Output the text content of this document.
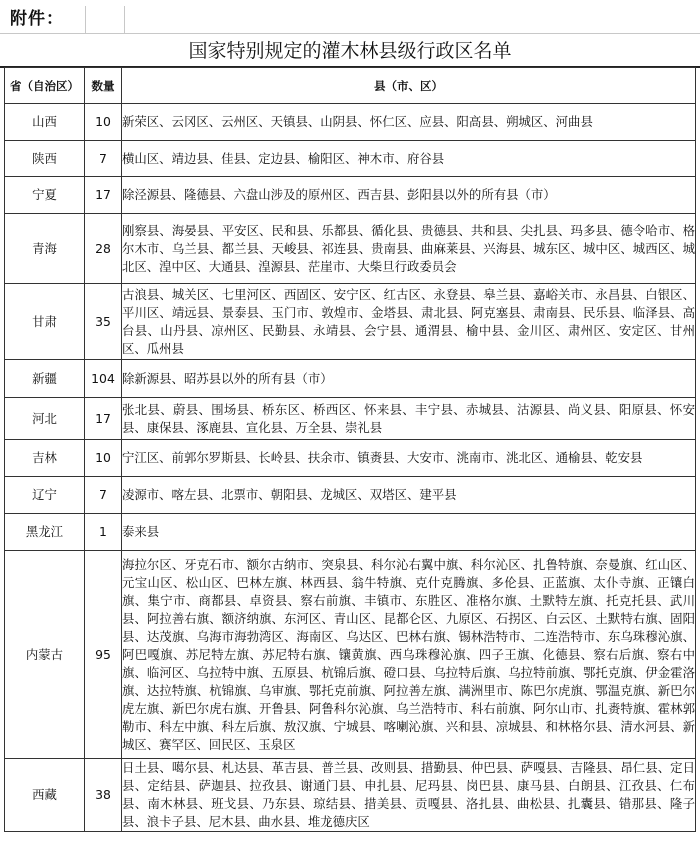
附件：
国家特别规定的灌木林县级行政区名单
省（自治区）	数量	县（市、区）
山西	10	新荣区、云冈区、云州区、天镇县、山阴县、怀仁区、应县、阳高县、朔城区、河曲县
陕西	7	横山区、靖边县、佳县、定边县、榆阳区、神木市、府谷县
宁夏	17	除泾源县、隆德县、六盘山涉及的原州区、西吉县、彭阳县以外的所有县（市）
青海	28	刚察县、海晏县、平安区、民和县、乐都县、循化县、贵德县、共和县、尖扎县、玛多县、德令哈市、格尔木市、乌兰县、都兰县、天峻县、祁连县、贵南县、曲麻莱县、兴海县、城东区、城中区、城西区、城北区、湟中区、大通县、湟源县、茫崖市、大柴旦行政委员会
甘肃	35	古浪县、城关区、七里河区、西固区、安宁区、红古区、永登县、皋兰县、嘉峪关市、永昌县、白银区、平川区、靖远县、景泰县、玉门市、敦煌市、金塔县、肃北县、阿克塞县、肃南县、民乐县、临泽县、高台县、山丹县、凉州区、民勤县、永靖县、会宁县、通渭县、榆中县、金川区、肃州区、安定区、甘州区、瓜州县
新疆	104	除新源县、昭苏县以外的所有县（市）
河北	17	张北县、蔚县、围场县、桥东区、桥西区、怀来县、丰宁县、赤城县、沽源县、尚义县、阳原县、怀安县、康保县、涿鹿县、宣化县、万全县、崇礼县
吉林	10	宁江区、前郭尔罗斯县、长岭县、扶余市、镇赉县、大安市、洮南市、洮北区、通榆县、乾安县
辽宁	7	凌源市、喀左县、北票市、朝阳县、龙城区、双塔区、建平县
黑龙江	1	泰来县
内蒙古	95	海拉尔区、牙克石市、额尔古纳市、突泉县、科尔沁右翼中旗、科尔沁区、扎鲁特旗、奈曼旗、红山区、元宝山区、松山区、巴林左旗、林西县、翁牛特旗、克什克腾旗、多伦县、正蓝旗、太仆寺旗、正镶白旗、集宁市、商都县、卓资县、察右前旗、丰镇市、东胜区、准格尔旗、土默特左旗、托克托县、武川县、阿拉善右旗、额济纳旗、东河区、青山区、昆都仑区、九原区、石拐区、白云区、土默特右旗、固阳县、达茂旗、乌海市海勃湾区、海南区、乌达区、巴林右旗、锡林浩特市、二连浩特市、东乌珠穆沁旗、阿巴嘎旗、苏尼特左旗、苏尼特右旗、镶黄旗、西乌珠穆沁旗、四子王旗、化德县、察右后旗、察右中旗、临河区、乌拉特中旗、五原县、杭锦后旗、磴口县、乌拉特后旗、乌拉特前旗、鄂托克旗、伊金霍洛旗、达拉特旗、杭锦旗、乌审旗、鄂托克前旗、阿拉善左旗、满洲里市、陈巴尔虎旗、鄂温克旗、新巴尔虎左旗、新巴尔虎右旗、开鲁县、阿鲁科尔沁旗、乌兰浩特市、科右前旗、阿尔山市、扎赉特旗、霍林郭勒市、科左中旗、科左后旗、敖汉旗、宁城县、喀喇沁旗、兴和县、凉城县、和林格尔县、清水河县、新城区、赛罕区、回民区、玉泉区
西藏	38	日土县、噶尔县、札达县、革吉县、普兰县、改则县、措勤县、仲巴县、萨嘎县、吉隆县、昂仁县、定日县、定结县、萨迦县、拉孜县、谢通门县、申扎县、尼玛县、岗巴县、康马县、白朗县、江孜县、仁布县、南木林县、班戈县、乃东县、琼结县、措美县、贡嘎县、洛扎县、曲松县、扎囊县、错那县、隆子县、浪卡子县、尼木县、曲水县、堆龙德庆区
